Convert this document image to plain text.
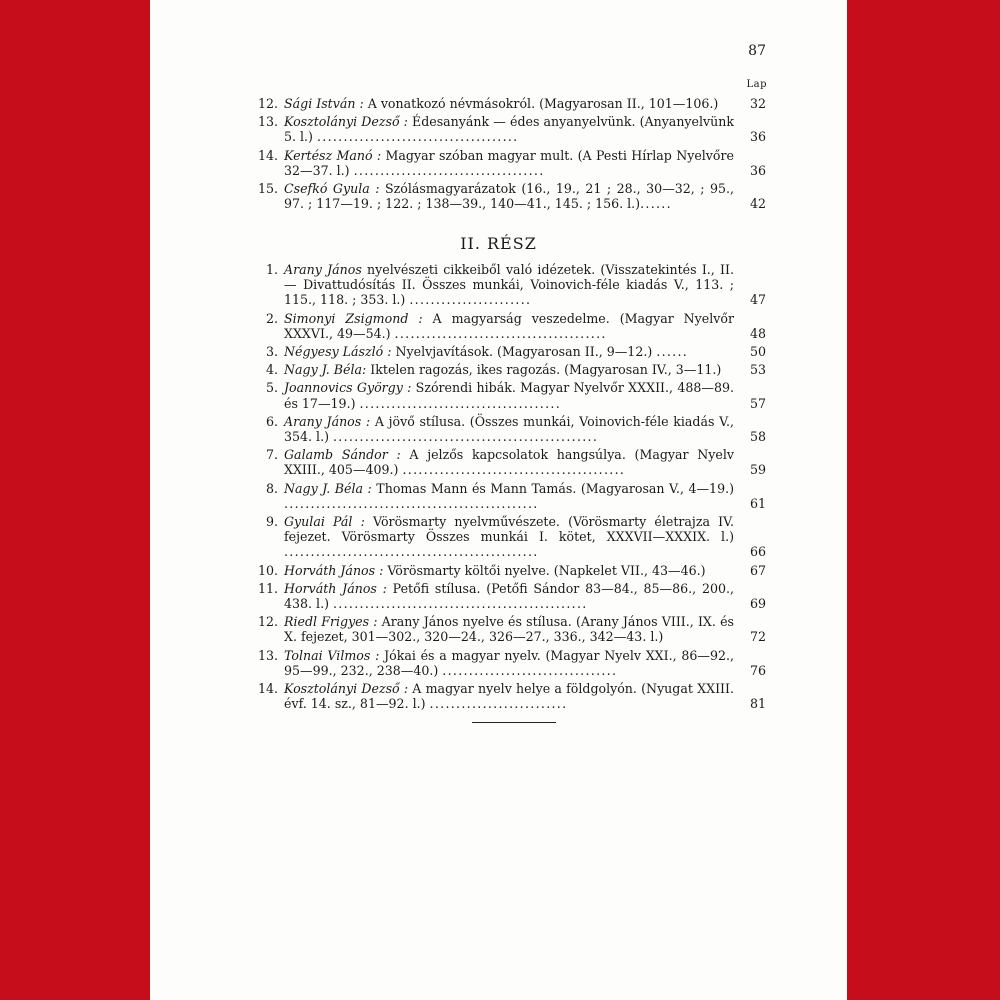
87
Lap
12. Sági István : A vonatkozó névmásokról. (Magyarosan II., 101—106.)	32
13. Kosztolányi Dezső : Édesanyánk — édes anyanyelvünk. (Anyanyelvünk 5. l.) ......................................	36
14. Kertész Manó : Magyar szóban magyar mult. (A Pesti Hírlap Nyelvőre 32—37. l.) ....................................	36
15. Csefkó Gyula : Szólásmagyarázatok (16., 19., 21 ; 28., 30—32, ; 95., 97. ; 117—19. ; 122. ; 138—39., 140—41., 145. ; 156. l.)......	42
II. RÉSZ
1. Arany János nyelvészeti cikkeiből való idézetek. (Visszatekintés I., II. — Divattudósítás II. Összes munkái, Voinovich-féle kiadás V., 113. ; 115., 118. ; 353. l.) .......................	47
2. Simonyi Zsigmond : A magyarság veszedelme. (Magyar Nyelvőr XXXVI., 49—54.) ........................................	48
3. Négyesy László : Nyelvjavítások. (Magyarosan II., 9—12.) ......	50
4. Nagy J. Béla: Iktelen ragozás, ikes ragozás. (Magyarosan IV., 3—11.)	53
5. Joannovics György : Szórendi hibák. Magyar Nyelvőr XXXII., 488—89. és 17—19.) ......................................	57
6. Arany János : A jövő stílusa. (Összes munkái, Voinovich-féle kiadás V., 354. l.) ..................................................	58
7. Galamb Sándor : A jelzős kapcsolatok hangsúlya. (Magyar Nyelv XXIII., 405—409.) ..........................................	59
8. Nagy J. Béla : Thomas Mann és Mann Tamás. (Magyarosan V., 4—19.) ................................................	61
9. Gyulai Pál : Vörösmarty nyelvművészete. (Vörösmarty életrajza IV. fejezet. Vörösmarty Összes munkái I. kötet, XXXVII—XXXIX. l.) ................................................	66
10. Horváth János : Vörösmarty költői nyelve. (Napkelet VII., 43—46.)	67
11. Horváth János : Petőfi stílusa. (Petőfi Sándor 83—84., 85—86., 200., 438. l.) ................................................	69
12. Riedl Frigyes : Arany János nyelve és stílusa. (Arany János VIII., IX. és X. fejezet, 301—302., 320—24., 326—27., 336., 342—43. l.)	72
13. Tolnai Vilmos : Jókai és a magyar nyelv. (Magyar Nyelv XXI., 86—92., 95—99., 232., 238—40.) .................................	76
14. Kosztolányi Dezső : A magyar nyelv helye a földgolyón. (Nyugat XXIII. évf. 14. sz., 81—92. l.) ..........................	81
